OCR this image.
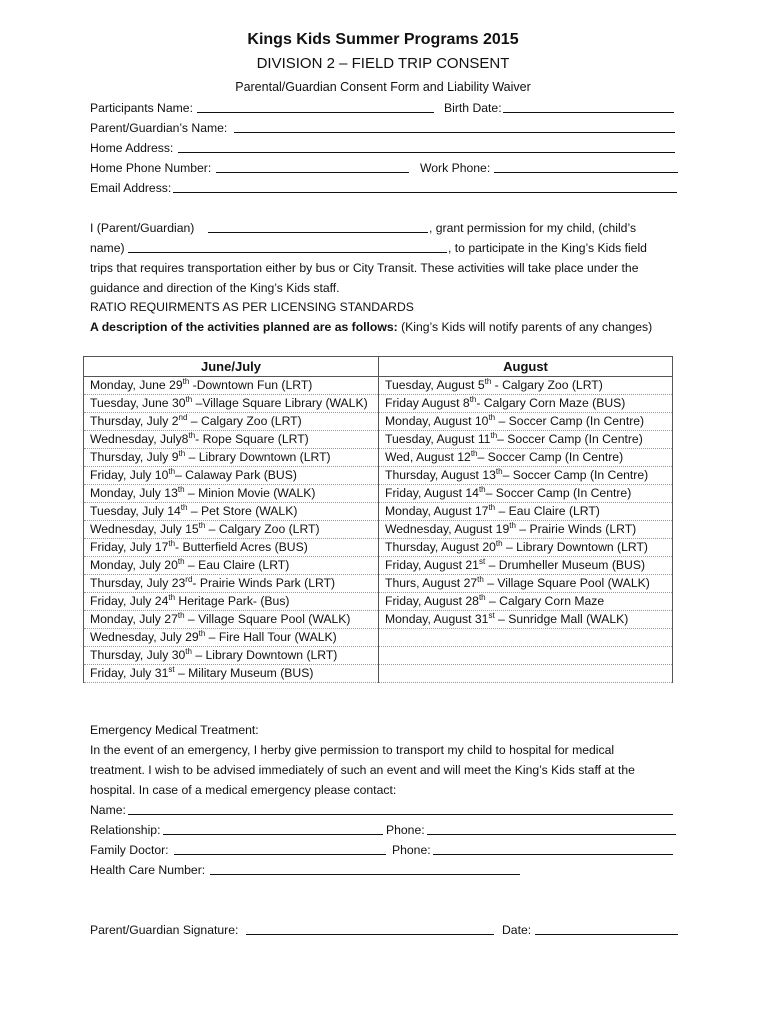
Kings Kids Summer Programs 2015
DIVISION 2 – FIELD TRIP CONSENT
Parental/Guardian Consent Form and Liability Waiver
Participants Name:	Birth Date:
Parent/Guardian’s Name:
Home Address:
Home Phone Number:	Work Phone:
Email Address:
I (Parent/Guardian)	, grant permission for my child, (child’s
name)	, to participate in the King’s Kids field
trips that requires transportation either by bus or City Transit. These activities will take place under the
guidance and direction of the King’s Kids staff.
RATIO REQUIRMENTS AS PER LICENSING STANDARDS
A description of the activities planned are as follows: (King’s Kids will notify parents of any changes)
June/July	August
Monday, June 29th -Downtown Fun (LRT)	Tuesday, August 5th - Calgary Zoo (LRT)
Tuesday, June 30th –Village Square Library (WALK)	Friday August 8th- Calgary Corn Maze (BUS)
Thursday, July 2nd – Calgary Zoo (LRT)	Monday, August 10th – Soccer Camp (In Centre)
Wednesday, July8th- Rope Square (LRT)	Tuesday, August 11th– Soccer Camp (In Centre)
Thursday, July 9th – Library Downtown (LRT)	Wed, August 12th– Soccer Camp (In Centre)
Friday, July 10th– Calaway Park (BUS)	Thursday, August 13th– Soccer Camp (In Centre)
Monday, July 13th – Minion Movie (WALK)	Friday, August 14th– Soccer Camp (In Centre)
Tuesday, July 14th – Pet Store (WALK)	Monday, August 17th – Eau Claire (LRT)
Wednesday, July 15th – Calgary Zoo (LRT)	Wednesday, August 19th – Prairie Winds (LRT)
Friday, July 17th- Butterfield Acres (BUS)	Thursday, August 20th – Library Downtown (LRT)
Monday, July 20th – Eau Claire (LRT)	Friday, August 21st – Drumheller Museum (BUS)
Thursday, July 23rd- Prairie Winds Park (LRT)	Thurs, August 27th – Village Square Pool (WALK)
Friday, July 24th Heritage Park- (Bus)	Friday, August 28th – Calgary Corn Maze
Monday, July 27th – Village Square Pool (WALK)	Monday, August 31st – Sunridge Mall (WALK)
Wednesday, July 29th – Fire Hall Tour (WALK)	
Thursday, July 30th – Library Downtown (LRT)	
Friday, July 31st – Military Museum (BUS)	
Emergency Medical Treatment:
In the event of an emergency, I herby give permission to transport my child to hospital for medical
treatment. I wish to be advised immediately of such an event and will meet the King’s Kids staff at the
hospital. In case of a medical emergency please contact:
Name:
Relationship:	Phone:
Family Doctor:	Phone:
Health Care Number:
Parent/Guardian Signature:	Date:
